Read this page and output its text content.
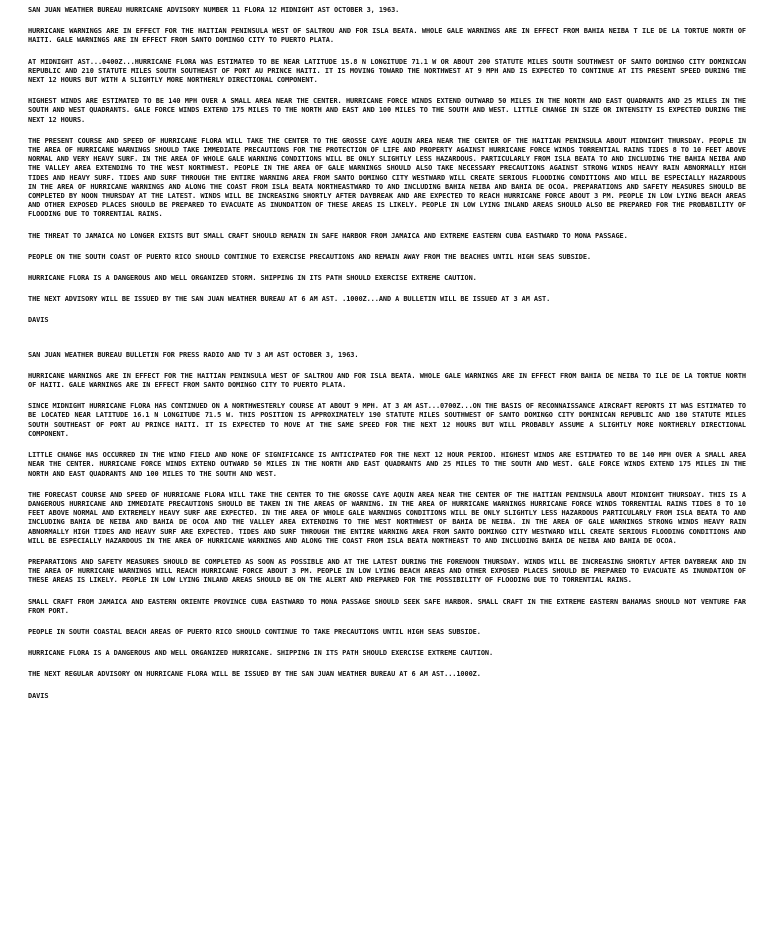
SAN JUAN WEATHER BUREAU HURRICANE ADVISORY NUMBER 11 FLORA 12 MIDNIGHT AST OCTOBER 3, 1963.

HURRICANE WARNINGS ARE IN EFFECT FOR THE HAITIAN PENINSULA WEST OF SALTROU AND FOR ISLA BEATA. WHOLE GALE WARNINGS ARE IN EFFECT FROM BAHIA NEIBA T ILE DE LA TORTUE NORTH OF HAITI. GALE WARNINGS ARE IN EFFECT FROM SANTO DOMINGO CITY TO PUERTO PLATA.

AT MIDNIGHT AST...0400Z...HURRICANE FLORA WAS ESTIMATED TO BE NEAR LATITUDE 15.8 N LONGITUDE 71.1 W OR ABOUT 200 STATUTE MILES SOUTH SOUTHWEST OF SANTO DOMINGO CITY DOMINICAN REPUBLIC AND 210 STATUTE MILES SOUTH SOUTHEAST OF PORT AU PRINCE HAITI. IT IS MOVING TOWARD THE NORTHWEST AT 9 MPH AND IS EXPECTED TO CONTINUE AT ITS PRESENT SPEED DURING THE NEXT 12 HOURS BUT WITH A SLIGHTLY MORE NORTHERLY DIRECTIONAL COMPONENT.

HIGHEST WINDS ARE ESTIMATED TO BE 140 MPH OVER A SMALL AREA NEAR THE CENTER. HURRICANE FORCE WINDS EXTEND OUTWARD 50 MILES IN THE NORTH AND EAST QUADRANTS AND 25 MILES IN THE SOUTH AND WEST QUADRANTS. GALE FORCE WINDS EXTEND 175 MILES TO THE NORTH AND EAST AND 100 MILES TO THE SOUTH AND WEST. LITTLE CHANGE IN SIZE OR INTENSITY IS EXPECTED DURING THE NEXT 12 HOURS.

THE PRESENT COURSE AND SPEED OF HURRICANE FLORA WILL TAKE THE CENTER TO THE GROSSE CAYE AQUIN AREA NEAR THE CENTER OF THE HAITIAN PENINSULA ABOUT MIDNIGHT THURSDAY. PEOPLE IN THE AREA OF HURRICANE WARNINGS SHOULD TAKE IMMEDIATE PRECAUTIONS FOR THE PROTECTION OF LIFE AND PROPERTY AGAINST HURRICANE FORCE WINDS TORRENTIAL RAINS TIDES 8 TO 10 FEET ABOVE NORMAL AND VERY HEAVY SURF. IN THE AREA OF WHOLE GALE WARNING CONDITIONS WILL BE ONLY SLIGHTLY LESS HAZARDOUS. PARTICULARLY FROM ISLA BEATA TO AND INCLUDING THE BAHIA NEIBA AND THE VALLEY AREA EXTENDING TO THE WEST NORTHWEST. PEOPLE IN THE AREA OF GALE WARNINGS SHOULD ALSO TAKE NECESSARY PRECAUTIONS AGAINST STRONG WINDS HEAVY RAIN ABNORMALLY HIGH TIDES AND HEAVY SURF. TIDES AND SURF THROUGH THE ENTIRE WARNING AREA FROM SANTO DOMINGO CITY WESTWARD WILL CREATE SERIOUS FLOODING CONDITIONS AND WILL BE ESPECIALLY HAZARDOUS IN THE AREA OF HURRICANE WARNINGS AND ALONG THE COAST FROM ISLA BEATA NORTHEASTWARD TO AND INCLUDING BAHIA NEIBA AND BAHIA DE OCOA. PREPARATIONS AND SAFETY MEASURES SHOULD BE COMPLETED BY NOON THURSDAY AT THE LATEST. WINDS WILL BE INCREASING SHORTLY AFTER DAYBREAK AND ARE EXPECTED TO REACH HURRICANE FORCE ABOUT 3 PM. PEOPLE IN LOW LYING BEACH AREAS AND OTHER EXPOSED PLACES SHOULD BE PREPARED TO EVACUATE AS INUNDATION OF THESE AREAS IS LIKELY. PEOPLE IN LOW LYING INLAND AREAS SHOULD ALSO BE PREPARED FOR THE PROBABILITY OF FLOODING DUE TO TORRENTIAL RAINS.

THE THREAT TO JAMAICA NO LONGER EXISTS BUT SMALL CRAFT SHOULD REMAIN IN SAFE HARBOR FROM JAMAICA AND EXTREME EASTERN CUBA EASTWARD TO MONA PASSAGE.

PEOPLE ON THE SOUTH COAST OF PUERTO RICO SHOULD CONTINUE TO EXERCISE PRECAUTIONS AND REMAIN AWAY FROM THE BEACHES UNTIL HIGH SEAS SUBSIDE.

HURRICANE FLORA IS A DANGEROUS AND WELL ORGANIZED STORM. SHIPPING IN ITS PATH SHOULD EXERCISE EXTREME CAUTION.

THE NEXT ADVISORY WILL BE ISSUED BY THE SAN JUAN WEATHER BUREAU AT 6 AM AST. .1000Z...AND A BULLETIN WILL BE ISSUED AT 3 AM AST.

DAVIS

SAN JUAN WEATHER BUREAU BULLETIN FOR PRESS RADIO AND TV 3 AM AST OCTOBER 3, 1963.

HURRICANE WARNINGS ARE IN EFFECT FOR THE HAITIAN PENINSULA WEST OF SALTROU AND FOR ISLA BEATA. WHOLE GALE WARNINGS ARE IN EFFECT FROM BAHIA DE NEIBA TO ILE DE LA TORTUE NORTH OF HAITI. GALE WARNINGS ARE IN EFFECT FROM SANTO DOMINGO CITY TO PUERTO PLATA.

SINCE MIDNIGHT HURRICANE FLORA HAS CONTINUED ON A NORTHWESTERLY COURSE AT ABOUT 9 MPH. AT 3 AM AST...0700Z...ON THE BASIS OF RECONNAISSANCE AIRCRAFT REPORTS IT WAS ESTIMATED TO BE LOCATED NEAR LATITUDE 16.1 N LONGITUDE 71.5 W. THIS POSITION IS APPROXIMATELY 190 STATUTE MILES SOUTHWEST OF SANTO DOMINGO CITY DOMINICAN REPUBLIC AND 180 STATUTE MILES SOUTH SOUTHEAST OF PORT AU PRINCE HAITI. IT IS EXPECTED TO MOVE AT THE SAME SPEED FOR THE NEXT 12 HOURS BUT WILL PROBABLY ASSUME A SLIGHTLY MORE NORTHERLY DIRECTIONAL COMPONENT.

LITTLE CHANGE HAS OCCURRED IN THE WIND FIELD AND NONE OF SIGNIFICANCE IS ANTICIPATED FOR THE NEXT 12 HOUR PERIOD. HIGHEST WINDS ARE ESTIMATED TO BE 140 MPH OVER A SMALL AREA NEAR THE CENTER. HURRICANE FORCE WINDS EXTEND OUTWARD 50 MILES IN THE NORTH AND EAST QUADRANTS AND 25 MILES TO THE SOUTH AND WEST. GALE FORCE WINDS EXTEND 175 MILES IN THE NORTH AND EAST QUADRANTS AND 100 MILES TO THE SOUTH AND WEST.

THE FORECAST COURSE AND SPEED OF HURRICANE FLORA WILL TAKE THE CENTER TO THE GROSSE CAYE AQUIN AREA NEAR THE CENTER OF THE HAITIAN PENINSULA ABOUT MIDNIGHT THURSDAY. THIS IS A DANGEROUS HURRICANE AND IMMEDIATE PRECAUTIONS SHOULD BE TAKEN IN THE AREAS OF WARNING. IN THE AREA OF HURRICANE WARNINGS HURRICANE FORCE WINDS TORRENTIAL RAINS TIDES 8 TO 10 FEET ABOVE NORMAL AND EXTREMELY HEAVY SURF ARE EXPECTED. IN THE AREA OF WHOLE GALE WARNINGS CONDITIONS WILL BE ONLY SLIGHTLY LESS HAZARDOUS PARTICULARLY FROM ISLA BEATA TO AND INCLUDING BAHIA DE NEIBA AND BAHIA DE OCOA AND THE VALLEY AREA EXTENDING TO THE WEST NORTHWEST OF BAHIA DE NEIBA. IN THE AREA OF GALE WARNINGS STRONG WINDS HEAVY RAIN ABNORMALLY HIGH TIDES AND HEAVY SURF ARE EXPECTED. TIDES AND SURF THROUGH THE ENTIRE WARNING AREA FROM SANTO DOMINGO CITY WESTWARD WILL CREATE SERIOUS FLOODING CONDITIONS AND WILL BE ESPECIALLY HAZARDOUS IN THE AREA OF HURRICANE WARNINGS AND ALONG THE COAST FROM ISLA BEATA NORTHEAST TO AND INCLUDING BAHIA DE NEIBA AND BAHIA DE OCOA.

PREPARATIONS AND SAFETY MEASURES SHOULD BE COMPLETED AS SOON AS POSSIBLE AND AT THE LATEST DURING THE FORENOON THURSDAY. WINDS WILL BE INCREASING SHORTLY AFTER DAYBREAK AND IN THE AREA OF HURRICANE WARNINGS WILL REACH HURRICANE FORCE ABOUT 3 PM. PEOPLE IN LOW LYING BEACH AREAS AND OTHER EXPOSED PLACES SHOULD BE PREPARED TO EVACUATE AS INUNDATION OF THESE AREAS IS LIKELY. PEOPLE IN LOW LYING INLAND AREAS SHOULD BE ON THE ALERT AND PREPARED FOR THE POSSIBILITY OF FLOODING DUE TO TORRENTIAL RAINS.

SMALL CRAFT FROM JAMAICA AND EASTERN ORIENTE PROVINCE CUBA EASTWARD TO MONA PASSAGE SHOULD SEEK SAFE HARBOR. SMALL CRAFT IN THE EXTREME EASTERN BAHAMAS SHOULD NOT VENTURE FAR FROM PORT.

PEOPLE IN SOUTH COASTAL BEACH AREAS OF PUERTO RICO SHOULD CONTINUE TO TAKE PRECAUTIONS UNTIL HIGH SEAS SUBSIDE.

HURRICANE FLORA IS A DANGEROUS AND WELL ORGANIZED HURRICANE. SHIPPING IN ITS PATH SHOULD EXERCISE EXTREME CAUTION.

THE NEXT REGULAR ADVISORY ON HURRICANE FLORA WILL BE ISSUED BY THE SAN JUAN WEATHER BUREAU AT 6 AM AST...1000Z.

DAVIS
